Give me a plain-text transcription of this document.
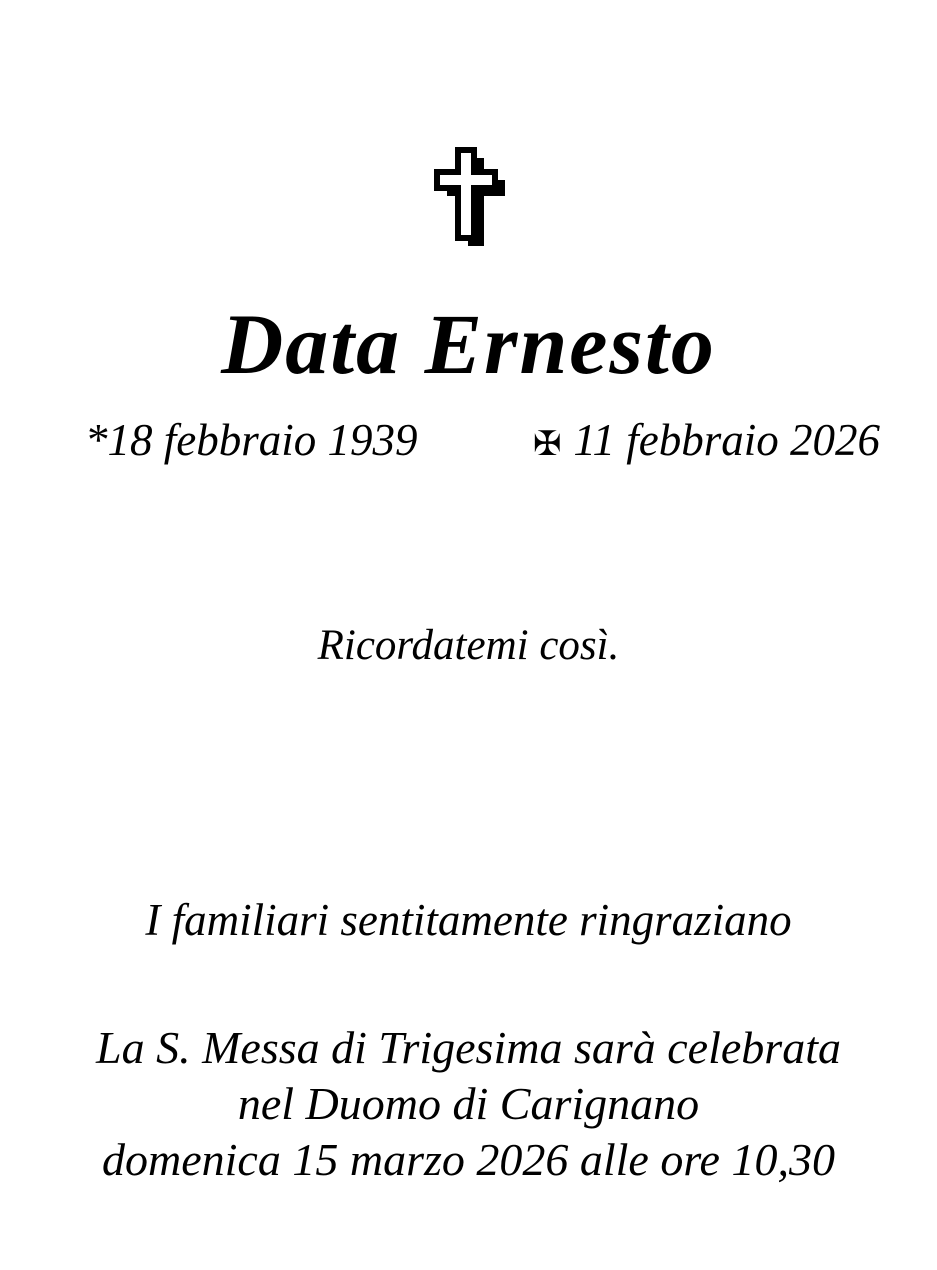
Data Ernesto
*18 febbraio 1939	✠ 11 febbraio 2026
Ricordatemi così.
I familiari sentitamente ringraziano
La S. Messa di Trigesima sarà celebrata
nel Duomo di Carignano
domenica 15 marzo 2026 alle ore 10,30
